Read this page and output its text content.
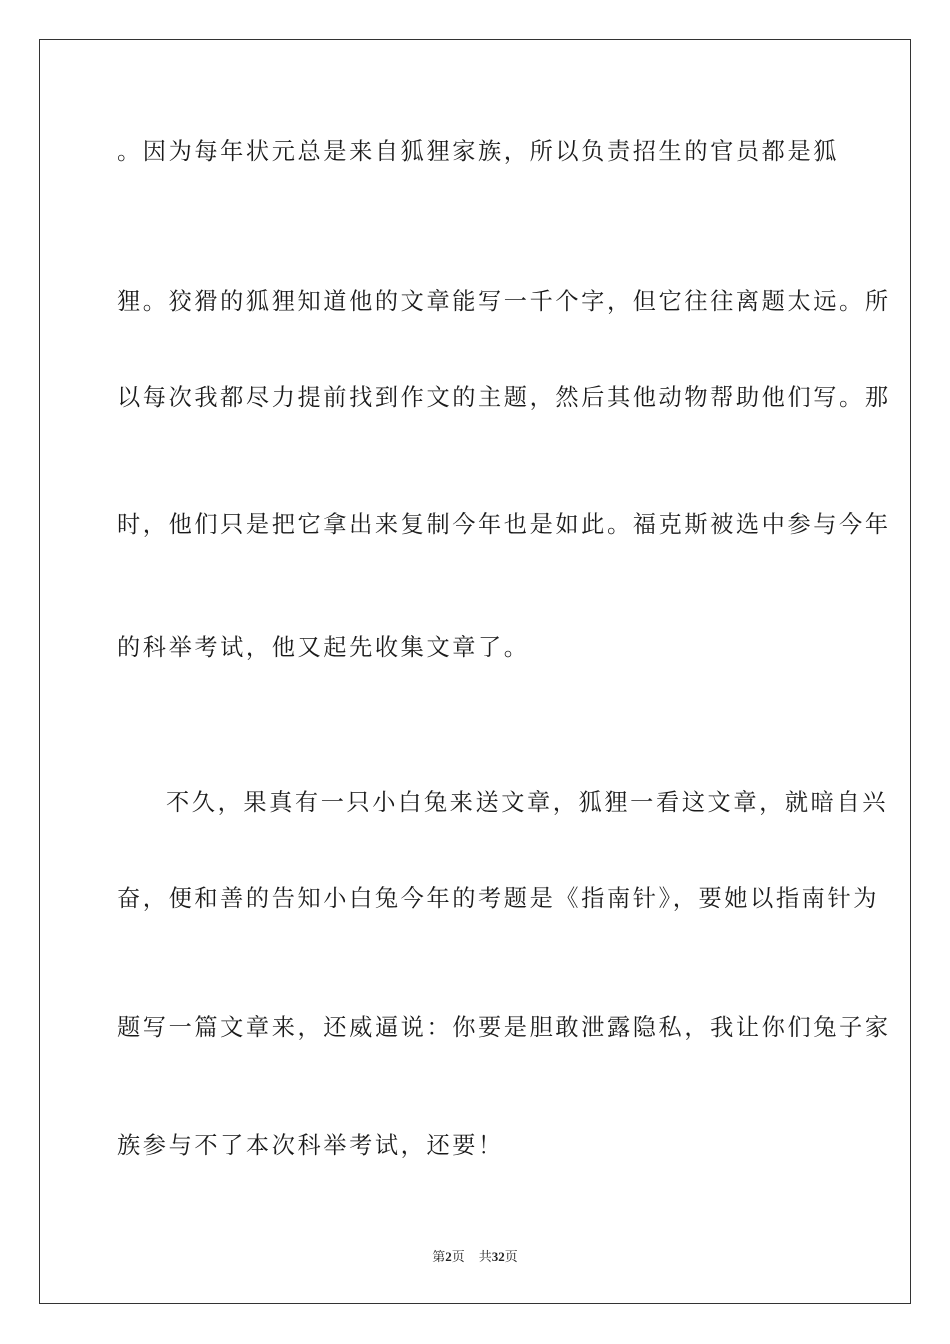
。因为每年状元总是来自狐狸家族，所以负责招生的官员都是狐
狸。狡猾的狐狸知道他的文章能写一千个字，但它往往离题太远。所
以每次我都尽力提前找到作文的主题，然后其他动物帮助他们写。那
时，他们只是把它拿出来复制今年也是如此。福克斯被选中参与今年
的科举考试，他又起先收集文章了。
不久，果真有一只小白兔来送文章，狐狸一看这文章，就暗自兴
奋，便和善的告知小白兔今年的考题是《指南针》，要她以指南针为
题写一篇文章来，还威逼说：你要是胆敢泄露隐私，我让你们兔子家
族参与不了本次科举考试，还要！
第2页 共32页
